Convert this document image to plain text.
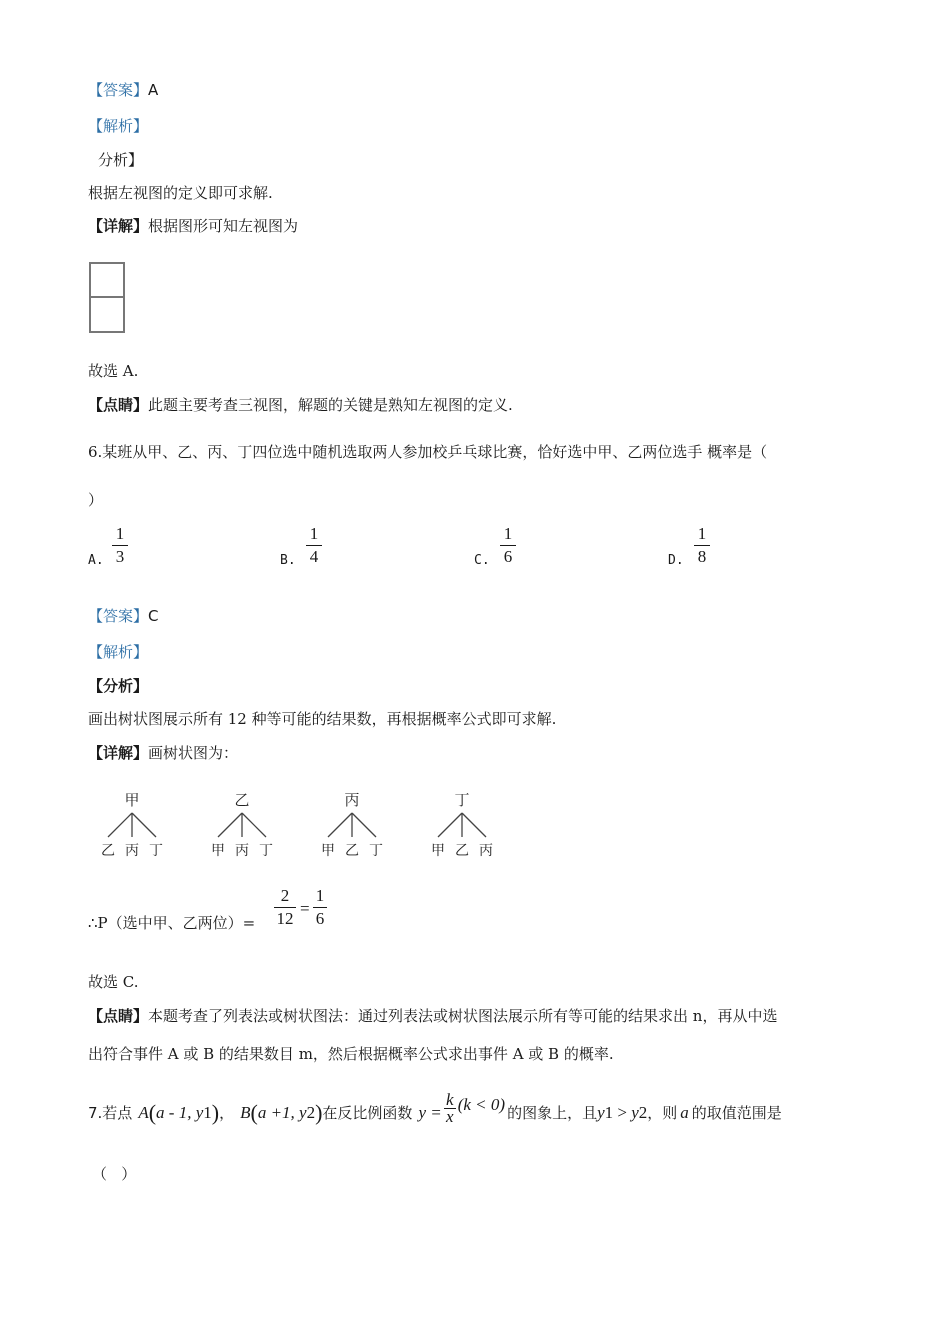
【答案】A
【解析】
分析】
根据左视图的定义即可求解.
【详解】根据图形可知左视图为
故选 A.
【点睛】此题主要考查三视图，解题的关键是熟知左视图的定义.
6.某班从甲、乙、丙、丁四位选中随机选取两人参加校乒乓球比赛，恰好选中甲、乙两位选手 概率是（
）
A.
1
3	B.
1
4	C.
1
6	D.
1
8
【答案】C
【解析】
【分析】
画出树状图展示所有 12 种等可能的结果数，再根据概率公式即可求解.
【详解】画树状图为：
甲
乙 丙 丁
乙
甲 丙 丁
丙
甲 乙 丁
丁
甲 乙 丙
∴P（选中甲、乙两位）=
2
12
=
1
6
故选 C.
【点睛】本题考查了列表法或树状图法：通过列表法或树状图法展示所有等可能的结果求出 n，再从中选
出符合事件 A 或 B 的结果数目 m，然后根据概率公式求出事件 A 或 B 的概率.
7.若点 A ( a - 1, y 1 ) ， B ( a +1, y 2 ) 在反比例函数 y =
k
x
(k < 0) 的图象上，且 y 1 > y 2 ，则 a 的取值范围是
（   ）
